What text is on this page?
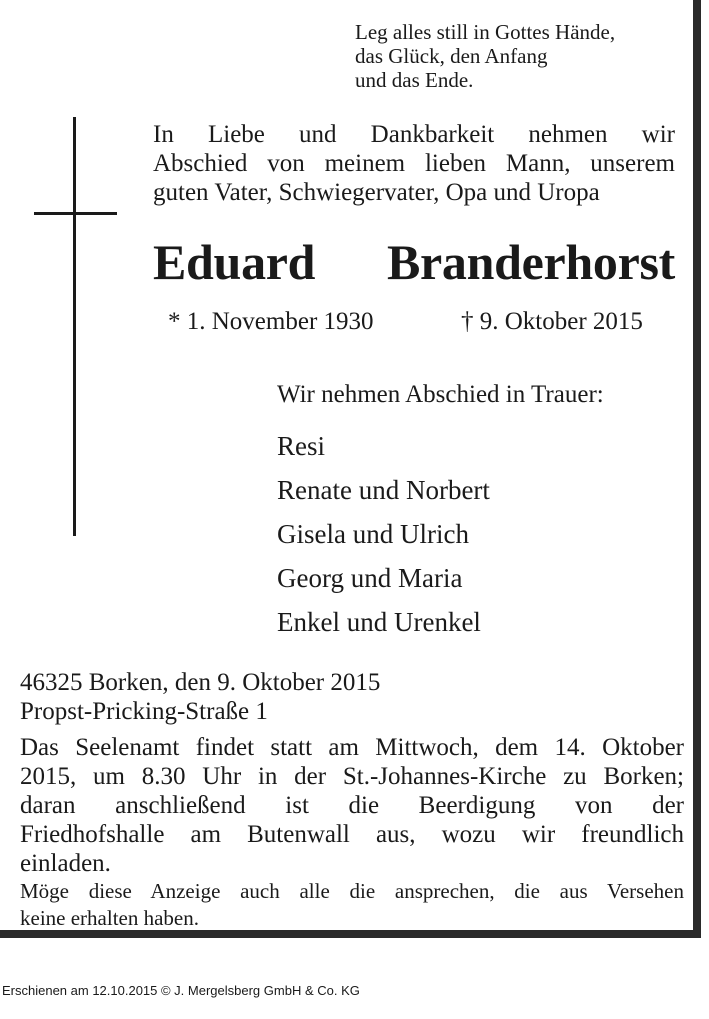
Leg alles still in Gottes Hände,
das Glück, den Anfang
und das Ende.
In Liebe und Dankbarkeit nehmen wir
Abschied von meinem lieben Mann, unserem
guten Vater, Schwiegervater, Opa und Uropa
Eduard Branderhorst
* 1. November 1930	† 9. Oktober 2015
Wir nehmen Abschied in Trauer:
Resi
Renate und Norbert
Gisela und Ulrich
Georg und Maria
Enkel und Urenkel
46325 Borken, den 9. Oktober 2015
Propst-Pricking-Straße 1
Das Seelenamt findet statt am Mittwoch, dem 14. Oktober
2015, um 8.30 Uhr in der St.-Johannes-Kirche zu Borken;
daran anschließend ist die Beerdigung von der
Friedhofshalle am Butenwall aus, wozu wir freundlich
einladen.
Möge diese Anzeige auch alle die ansprechen, die aus Versehen
keine erhalten haben.
Erschienen am 12.10.2015 © J. Mergelsberg GmbH & Co. KG
